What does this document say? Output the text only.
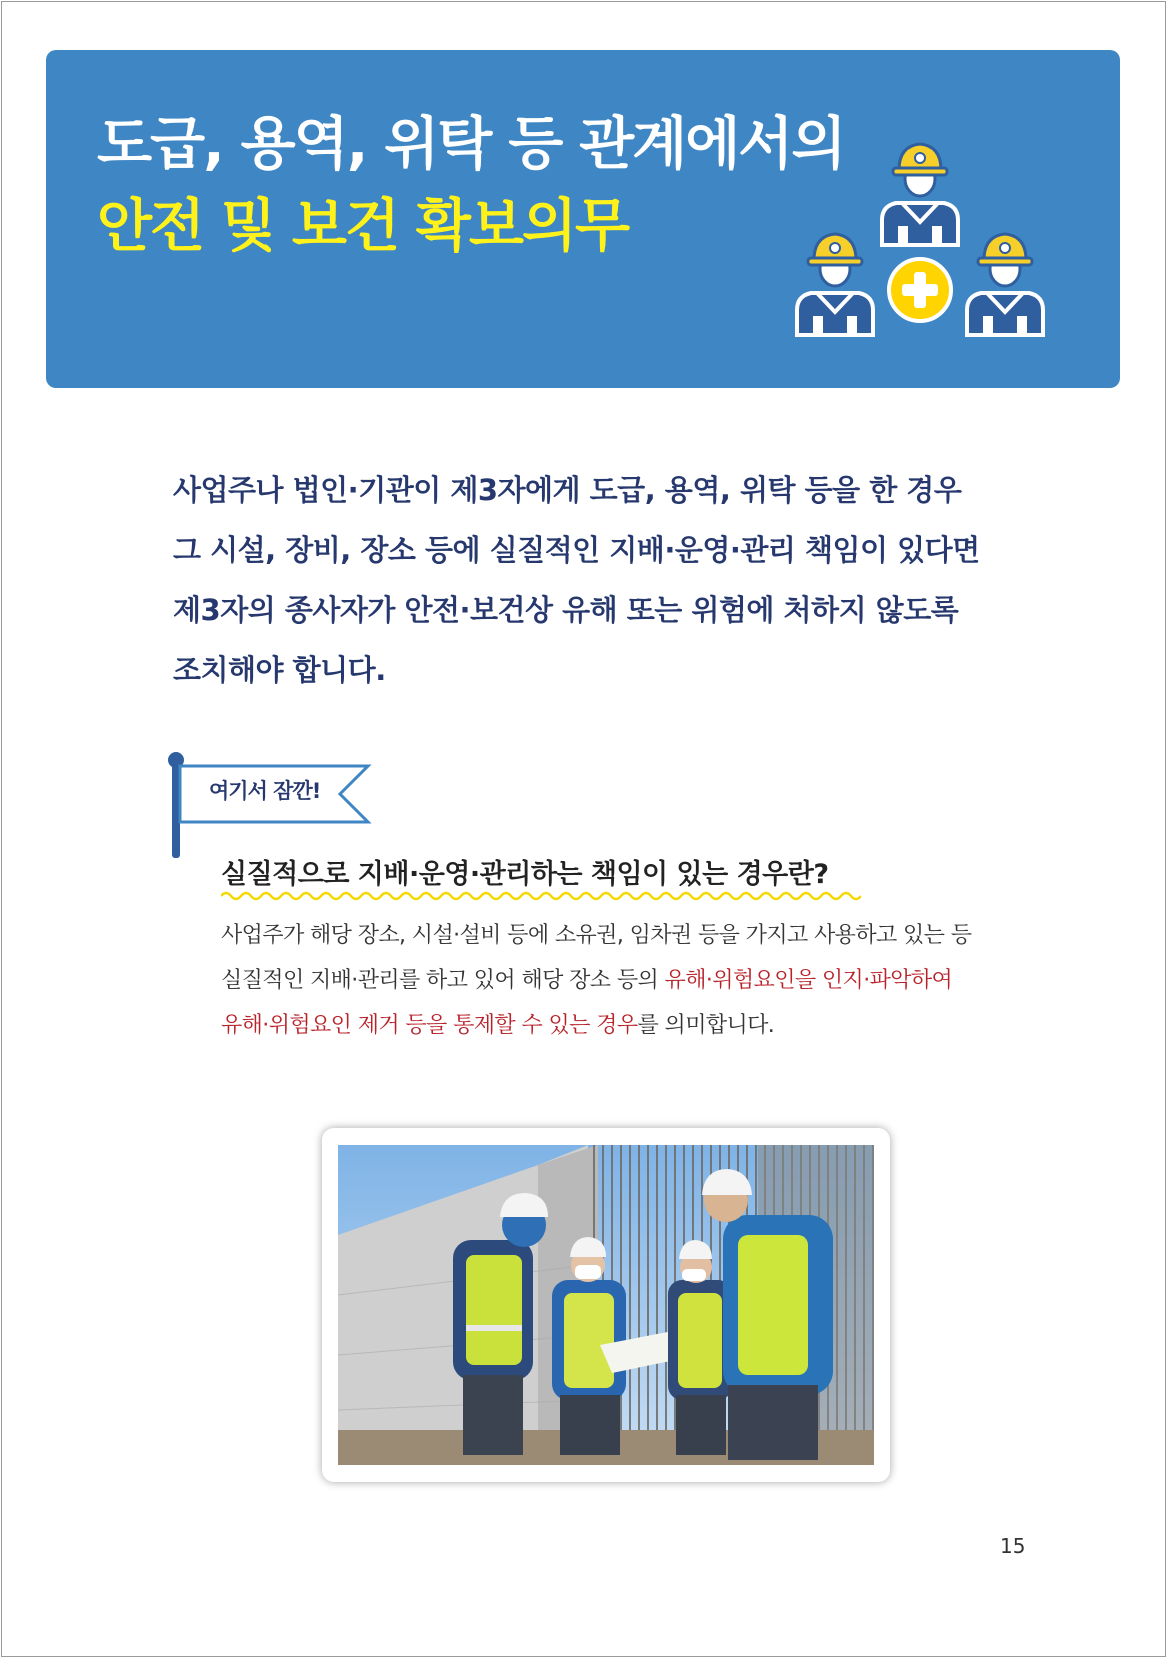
도급, 용역, 위탁 등 관계에서의
안전 및 보건 확보의무
사업주나 법인·기관이 제3자에게 도급, 용역, 위탁 등을 한 경우
그 시설, 장비, 장소 등에 실질적인 지배·운영·관리 책임이 있다면
제3자의 종사자가 안전·보건상 유해 또는 위험에 처하지 않도록
조치해야 합니다.
여기서 잠깐!
실질적으로 지배·운영·관리하는 책임이 있는 경우란?
사업주가 해당 장소, 시설·설비 등에 소유권, 임차권 등을 가지고 사용하고 있는 등
실질적인 지배·관리를 하고 있어 해당 장소 등의 유해·위험요인을 인지·파악하여
유해·위험요인 제거 등을 통제할 수 있는 경우를 의미합니다.
15
